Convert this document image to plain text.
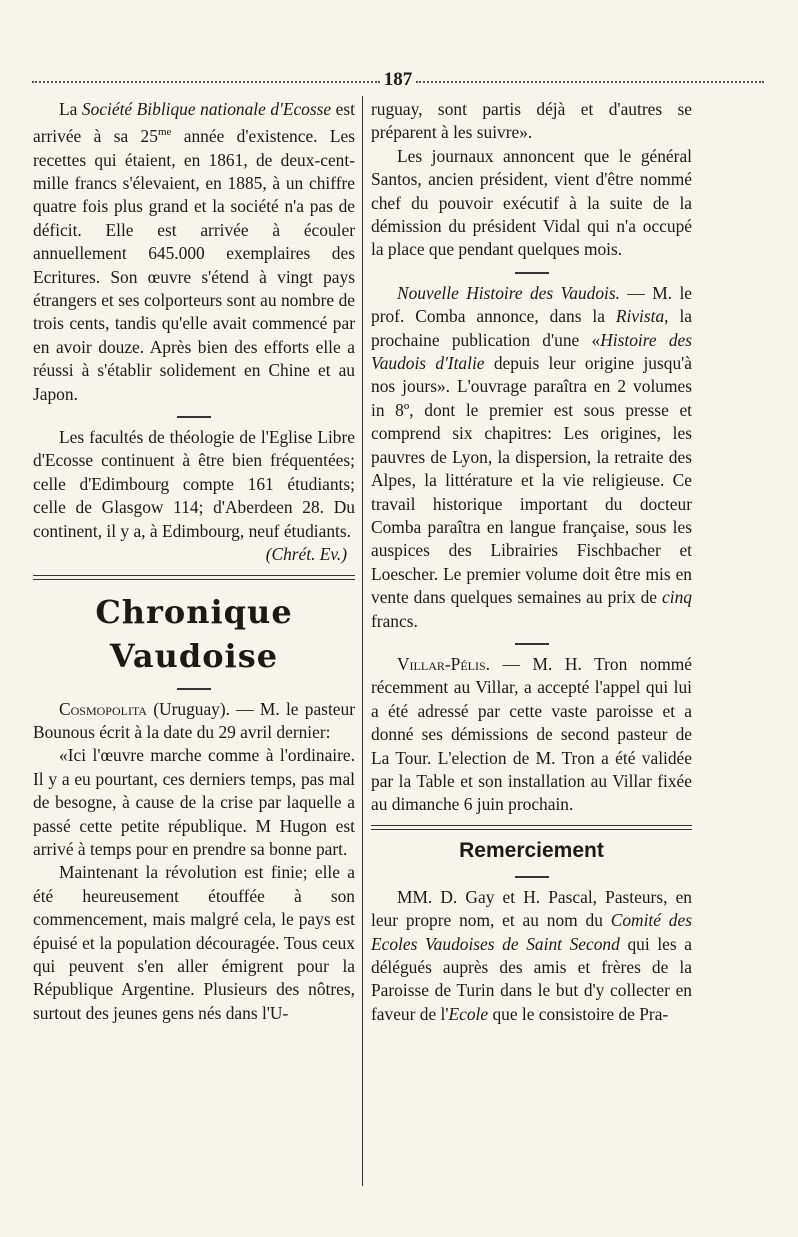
187

La Société Biblique nationale d'Ecosse est arrivée à sa $25^{me}$ année d'existence. Les recettes qui étaient, en 1861, de deux-cent-mille francs s'élevaient, en 1885, à un chiffre quatre fois plus grand et la société n'a pas de déficit. Elle est arrivée à écouler annuellement 645.000 exemplaires des Ecritures. Son œuvre s'étend à vingt pays étrangers et ses colporteurs sont au nombre de trois cents, tandis qu'elle avait commencé par en avoir douze. Après bien des efforts elle a réussi à s'établir solidement en Chine et au Japon.

Les facultés de théologie de l'Eglise Libre d'Ecosse continuent à être bien fréquentées; celle d'Edimbourg compte 161 étudiants; celle de Glasgow 114; d'Aberdeen 28. Du continent, il y a, à Edimbourg, neuf étudiants.

(Chrét. Ev.)

Chronique Vaudoise

Cosmopolita (Uruguay). — M. le pasteur Bounous écrit à la date du 29 avril dernier:

«Ici l'œuvre marche comme à l'ordinaire. Il y a eu pourtant, ces derniers temps, pas mal de besogne, à cause de la crise par laquelle a passé cette petite république. M Hugon est arrivé à temps pour en prendre sa bonne part.

Maintenant la révolution est finie; elle a été heureusement étouffée à son commencement, mais malgré cela, le pays est épuisé et la population découragée. Tous ceux qui peuvent s'en aller émigrent pour la République Argentine. Plusieurs des nôtres, surtout des jeunes gens nés dans l'U-

ruguay, sont partis déjà et d'autres se préparent à les suivre».

Les journaux annoncent que le général Santos, ancien président, vient d'être nommé chef du pouvoir exécutif à la suite de la démission du président Vidal qui n'a occupé la place que pendant quelques mois.

Nouvelle Histoire des Vaudois. — M. le prof. Comba annonce, dans la Rivista, la prochaine publication d'une «Histoire des Vaudois d'Italie depuis leur origine jusqu'à nos jours». L'ouvrage paraîtra en 2 volumes in 8º, dont le premier est sous presse et comprend six chapitres: Les origines, les pauvres de Lyon, la dispersion, la retraite des Alpes, la littérature et la vie religieuse. Ce travail historique important du docteur Comba paraîtra en langue française, sous les auspices des Librairies Fischbacher et Loescher. Le premier volume doit être mis en vente dans quelques semaines au prix de cinq francs.

Villar-Pélis. — M. H. Tron nommé récemment au Villar, a accepté l'appel qui lui a été adressé par cette vaste paroisse et a donné ses démissions de second pasteur de La Tour. L'election de M. Tron a été validée par la Table et son installation au Villar fixée au dimanche 6 juin prochain.

Remerciement

MM. D. Gay et H. Pascal, Pasteurs, en leur propre nom, et au nom du Comité des Ecoles Vaudoises de Saint Second qui les a délégués auprès des amis et frères de la Paroisse de Turin dans le but d'y collecter en faveur de l'Ecole que le consistoire de Pra-
